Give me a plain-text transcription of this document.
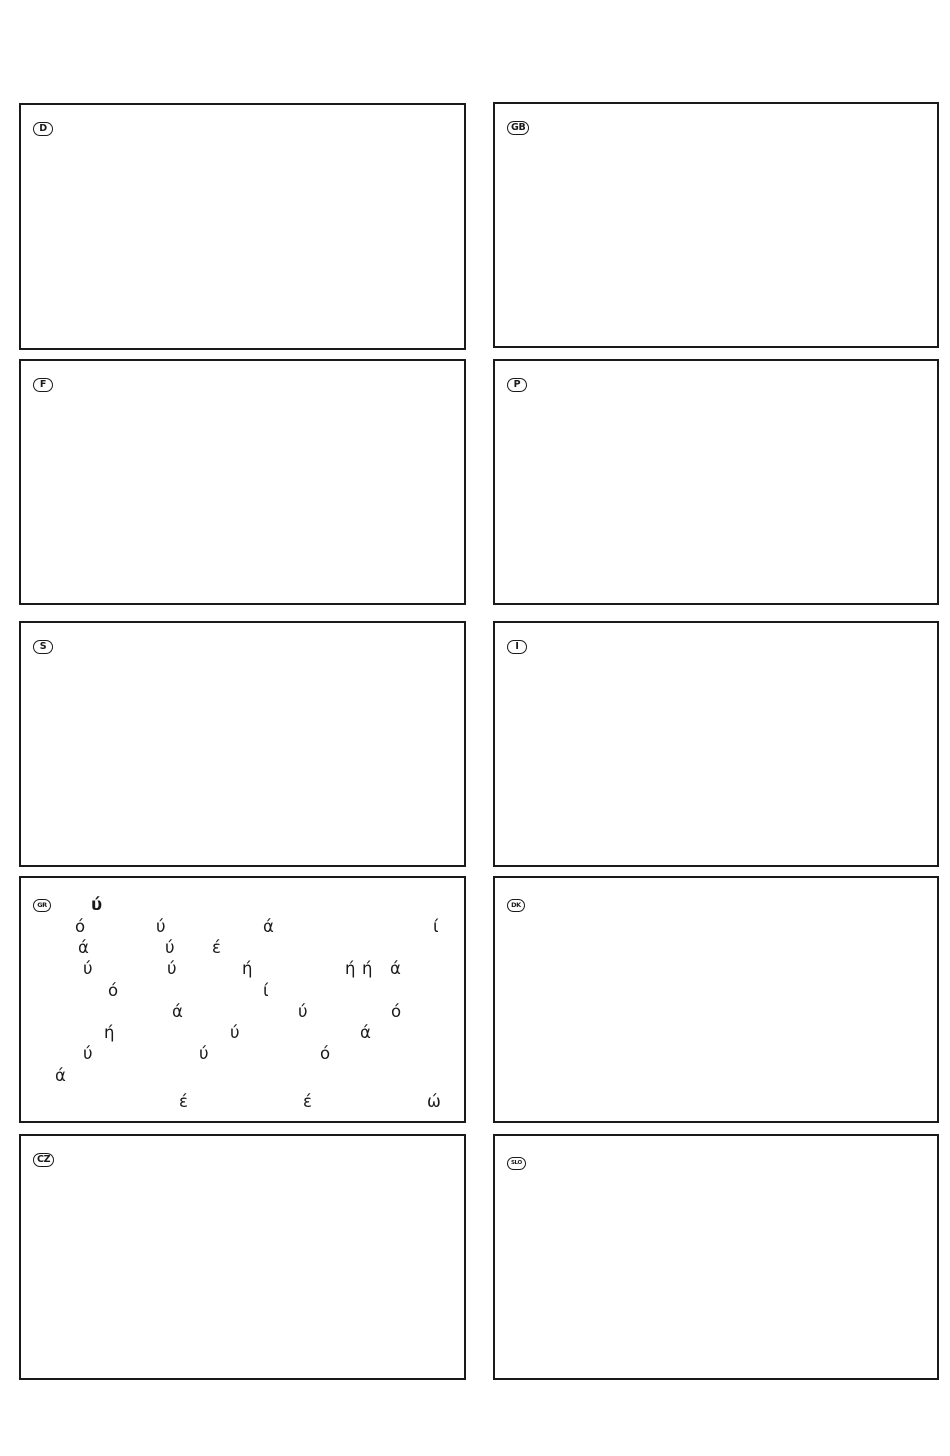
D	GB
F	P
S	I
GR	ύ
ό	ύ	ά	ί
ά	ύ έ
ύ	ύ	ή	ή ή ά
ό	ί
ά	ύ	ό
ή	ύ	ά
ύ	ύ	ό
ά
έ	έ	ώ
DK
CZ	SLO
